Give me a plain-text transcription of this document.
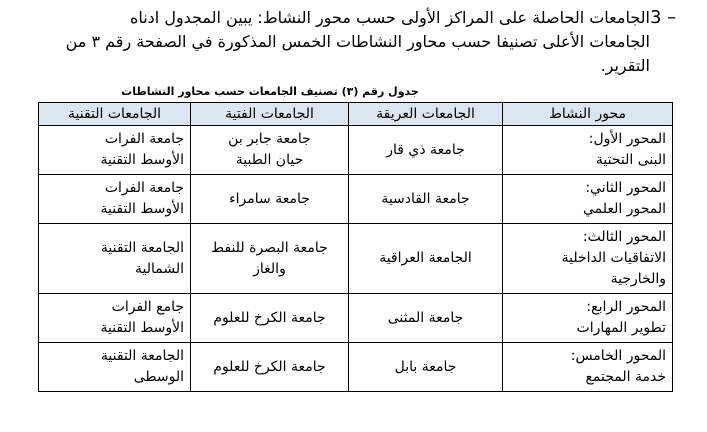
3 –
الجامعات الحاصلة على المراكز الأولى حسب محور النشاط: يبين المجدول ادناه
الجامعات الأعلى تصنيفا حسب محاور النشاطات الخمس المذكورة في الصفحة رقم ٣ من
التقرير.
جدول رقم (٣) تصنيف الجامعات حسب محاور النشاطات
محور النشاط	الجامعات العريقة	الجامعات الفتية	الجامعات التقنية

المحور الأول:
البنى التحتية	جامعة ذي قار	جامعة جابر بن
حيان الطبية	جامعة الفرات
الأوسط التقنية

المحور الثاني:
المحور العلمي	جامعة القادسية	جامعة سامراء	جامعة الفرات
الأوسط التقنية

المحور الثالث:
الاتفاقيات الداخلية
والخارجية	الجامعة العراقية	جامعة البصرة للنفط
والغاز	الجامعة التقنية
الشمالية

المحور الرابع:
تطوير المهارات	جامعة المثنى	جامعة الكرخ للعلوم	جامع الفرات
الأوسط التقنية

المحور الخامس:
خدمة المجتمع	جامعة بابل	جامعة الكرخ للعلوم	الجامعة التقنية
الوسطى
